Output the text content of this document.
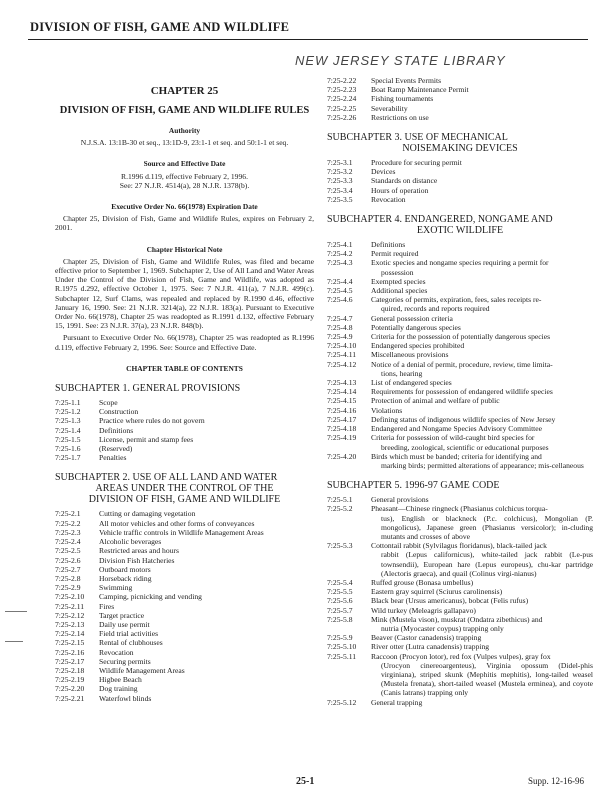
DIVISION OF FISH, GAME AND WILDLIFE
NEW JERSEY STATE LIBRARY
CHAPTER 25
DIVISION OF FISH, GAME AND WILDLIFE RULES
Authority
N.J.S.A. 13:1B-30 et seq., 13:1D-9, 23:1-1 et seq. and 50:1-1 et seq.
Source and Effective Date
R.1996 d.119, effective February 2, 1996.
See: 27 N.J.R. 4514(a), 28 N.J.R. 1378(b).
Executive Order No. 66(1978) Expiration Date
Chapter 25, Division of Fish, Game and Wildlife Rules, expires on February 2, 2001.
Chapter Historical Note
Chapter 25, Division of Fish, Game and Wildlife Rules, was filed and became effective prior to September 1, 1969. Subchapter 2, Use of All Land and Water Areas Under the Control of the Division of Fish, Game and Wildlife, was adopted as R.1975 d.292, effective October 1, 1975. See: 7 N.J.R. 411(a), 7 N.J.R. 499(c). Subchapter 12, Surf Clams, was repealed and replaced by R.1990 d.46, effective January 16, 1990. See: 21 N.J.R. 3214(a), 22 N.J.R. 183(a). Pursuant to Executive Order No. 66(1978), Chapter 25 was readopted as R.1991 d.132, effective February 15, 1991. See: 23 N.J.R. 37(a), 23 N.J.R. 848(b).
Pursuant to Executive Order No. 66(1978), Chapter 25 was readopted as R.1996 d.119, effective February 2, 1996. See: Source and Effective Date.
CHAPTER TABLE OF CONTENTS
SUBCHAPTER 1. GENERAL PROVISIONS
7:25-1.1	Scope
7:25-1.2	Construction
7:25-1.3	Practice where rules do not govern
7:25-1.4	Definitions
7:25-1.5	License, permit and stamp fees
7:25-1.6	(Reserved)
7:25-1.7	Penalties
SUBCHAPTER 2. USE OF ALL LAND AND WATER
AREAS UNDER THE CONTROL OF THE
DIVISION OF FISH, GAME AND WILDLIFE
7:25-2.1	Cutting or damaging vegetation
7:25-2.2	All motor vehicles and other forms of conveyances
7:25-2.3	Vehicle traffic controls in Wildlife Management Areas
7:25-2.4	Alcoholic beverages
7:25-2.5	Restricted areas and hours
7:25-2.6	Division Fish Hatcheries
7:25-2.7	Outboard motors
7:25-2.8	Horseback riding
7:25-2.9	Swimming
7:25-2.10	Camping, picnicking and vending
7:25-2.11	Fires
7:25-2.12	Target practice
7:25-2.13	Daily use permit
7:25-2.14	Field trial activities
7:25-2.15	Rental of clubhouses
7:25-2.16	Revocation
7:25-2.17	Securing permits
7:25-2.18	Wildlife Management Areas
7:25-2.19	Higbee Beach
7:25-2.20	Dog training
7:25-2.21	Waterfowl blinds
7:25-2.22	Special Events Permits
7:25-2.23	Boat Ramp Maintenance Permit
7:25-2.24	Fishing tournaments
7:25-2.25	Severability
7:25-2.26	Restrictions on use
SUBCHAPTER 3. USE OF MECHANICAL
NOISEMAKING DEVICES
7:25-3.1	Procedure for securing permit
7:25-3.2	Devices
7:25-3.3	Standards on distance
7:25-3.4	Hours of operation
7:25-3.5	Revocation
SUBCHAPTER 4. ENDANGERED, NONGAME AND
EXOTIC WILDLIFE
7:25-4.1	Definitions
7:25-4.2	Permit required
7:25-4.3	Exotic species and nongame species requiring a permit for
possession
7:25-4.4	Exempted species
7:25-4.5	Additional species
7:25-4.6	Categories of permits, expiration, fees, sales receipts re-
quired, records and reports required
7:25-4.7	General possession criteria
7:25-4.8	Potentially dangerous species
7:25-4.9	Criteria for the possession of potentially dangerous species
7:25-4.10	Endangered species prohibited
7:25-4.11	Miscellaneous provisions
7:25-4.12	Notice of a denial of permit, procedure, review, time limita-
tions, hearing
7:25-4.13	List of endangered species
7:25-4.14	Requirements for possession of endangered wildlife species
7:25-4.15	Protection of animal and welfare of public
7:25-4.16	Violations
7:25-4.17	Defining status of indigenous wildlife species of New Jersey
7:25-4.18	Endangered and Nongame Species Advisory Committee
7:25-4.19	Criteria for possession of wild-caught bird species for
breeding, zoological, scientific or educational purposes
7:25-4.20	Birds which must be banded; criteria for identifying and
marking birds; permitted alterations of appearance; mis-cellaneous
SUBCHAPTER 5. 1996-97 GAME CODE
7:25-5.1	General provisions
7:25-5.2	Pheasant—Chinese ringneck (Phasianus colchicus torqua-
tus), English or blackneck (P.c. colchicus), Mongolian (P. mongolicus), Japanese green (Phasianus versicolor); in-cluding mutants and crosses of above
7:25-5.3	Cottontail rabbit (Sylvilagus floridanus), black-tailed jack
rabbit (Lepus californicus), white-tailed jack rabbit (Le-pus townsendii), European hare (Lepus europeus), chu-kar partridge (Alectoris graeca), and quail (Colinus virgi-nianus)
7:25-5.4	Ruffed grouse (Bonasa umbellus)
7:25-5.5	Eastern gray squirrel (Sciurus carolinensis)
7:25-5.6	Black bear (Ursus americanus), bobcat (Felis rufus)
7:25-5.7	Wild turkey (Meleagris gallapavo)
7:25-5.8	Mink (Mustela vison), muskrat (Ondatra zibethicus) and
nutria (Myocaster coypus) trapping only
7:25-5.9	Beaver (Castor canadensis) trapping
7:25-5.10	River otter (Lutra canadensis) trapping
7:25-5.11	Raccoon (Procyon lotor), red fox (Vulpes vulpes), gray fox
(Urocyon cinereoargenteus), Virginia opossum (Didel-phis virginiana), striped skunk (Mephitis mephitis), long-tailed weasel (Mustela frenata), short-tailed weasel (Mustela erminea), and coyote (Canis latrans) trapping only
7:25-5.12	General trapping
25-1	Supp. 12-16-96
